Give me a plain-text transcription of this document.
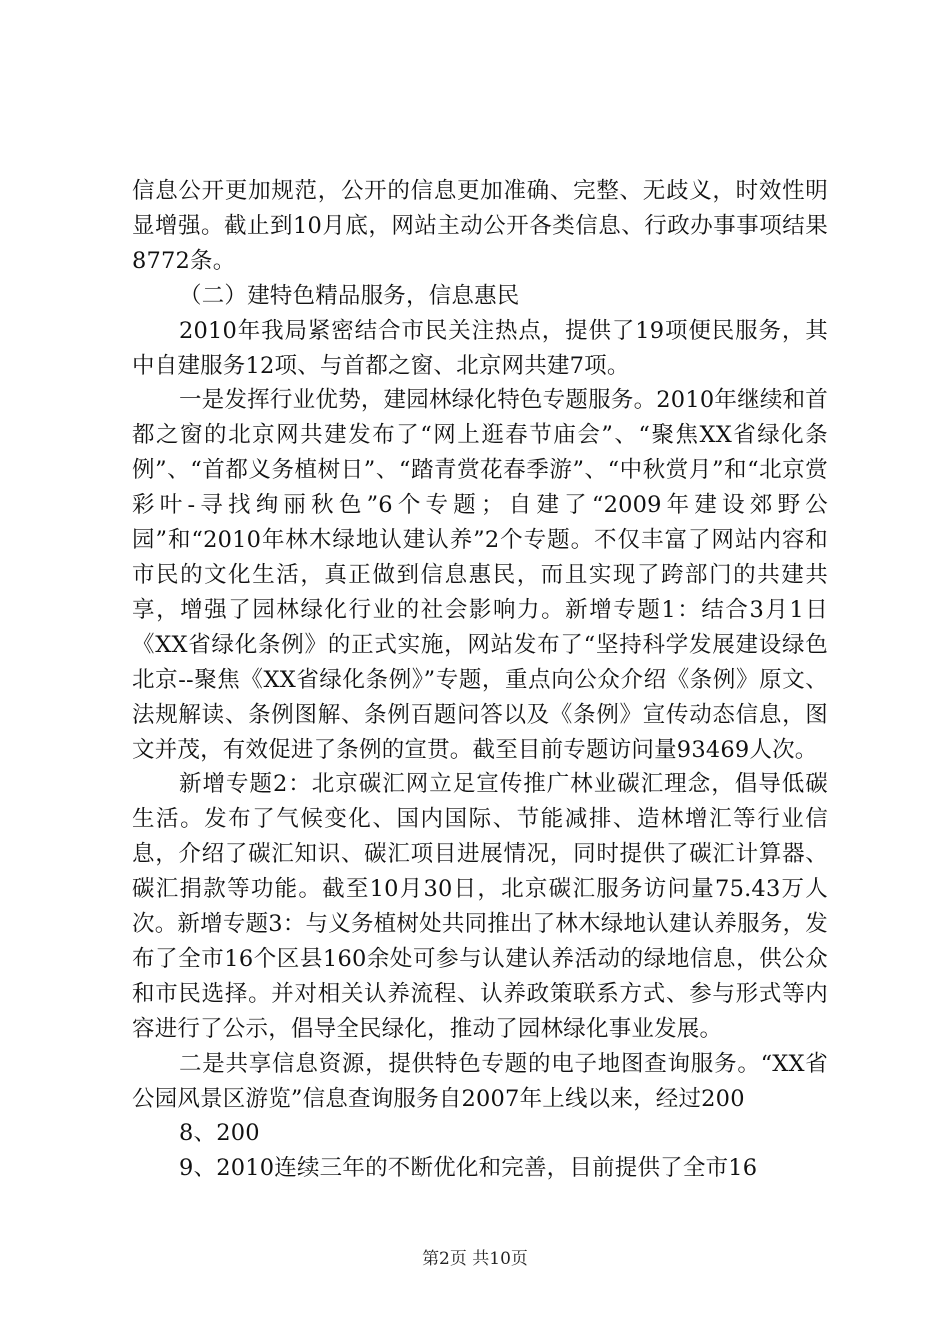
信息公开更加规范，公开的信息更加准确、完整、无歧义，时效性明显增强。截止到10月底，网站主动公开各类信息、行政办事事项结果8772条。

（二）建特色精品服务，信息惠民

2010年我局紧密结合市民关注热点，提供了19项便民服务，其中自建服务12项、与首都之窗、北京网共建7项。

一是发挥行业优势，建园林绿化特色专题服务。2010年继续和首都之窗的北京网共建发布了“网上逛春节庙会”、“聚焦XX省绿化条例”、“首都义务植树日”、“踏青赏花春季游”、“中秋赏月”和“北京赏彩叶-寻找绚丽秋色”6个专题；自建了“2009年建设郊野公园”和“2010年林木绿地认建认养”2个专题。不仅丰富了网站内容和市民的文化生活，真正做到信息惠民，而且实现了跨部门的共建共享，增强了园林绿化行业的社会影响力。新增专题1：结合3月1日《XX省绿化条例》的正式实施，网站发布了“坚持科学发展建设绿色北京--聚焦《XX省绿化条例》”专题，重点向公众介绍《条例》原文、法规解读、条例图解、条例百题问答以及《条例》宣传动态信息，图文并茂，有效促进了条例的宣贯。截至目前专题访问量93469人次。

新增专题2：北京碳汇网立足宣传推广林业碳汇理念，倡导低碳生活。发布了气候变化、国内国际、节能减排、造林增汇等行业信息，介绍了碳汇知识、碳汇项目进展情况，同时提供了碳汇计算器、碳汇捐款等功能。截至10月30日，北京碳汇服务访问量75.43万人次。新增专题3：与义务植树处共同推出了林木绿地认建认养服务，发布了全市16个区县160余处可参与认建认养活动的绿地信息，供公众和市民选择。并对相关认养流程、认养政策联系方式、参与形式等内容进行了公示，倡导全民绿化，推动了园林绿化事业发展。

二是共享信息资源，提供特色专题的电子地图查询服务。“XX省公园风景区游览”信息查询服务自2007年上线以来，经过200

8、200

9、2010连续三年的不断优化和完善，目前提供了全市16

第2页 共10页
